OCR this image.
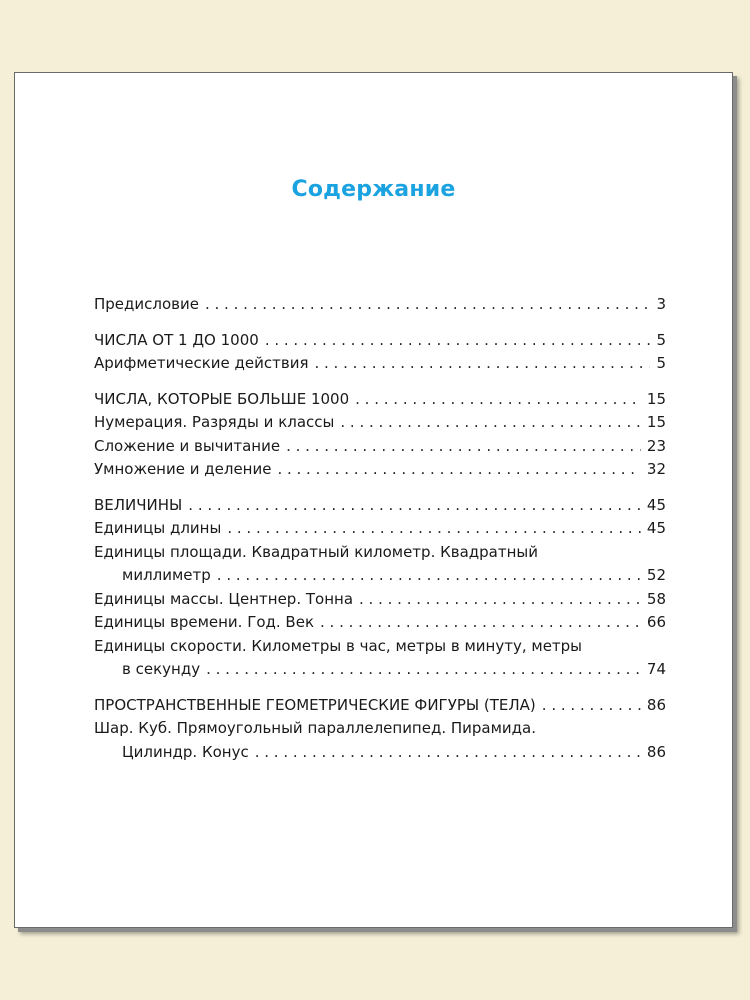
Содержание
Предисловие . . .	3
ЧИСЛА ОТ 1 ДО 1000 . . .	5
Арифметические действия . . .	5
ЧИСЛА, КОТОРЫЕ БОЛЬШЕ 1000 . . .	15
Нумерация. Разряды и классы . . .	15
Сложение и вычитание . . .	23
Умножение и деление . . .	32
ВЕЛИЧИНЫ . . .	45
Единицы длины . . .	45
Единицы площади. Квадратный километр. Квадратный
миллиметр . . .	52
Единицы массы. Центнер. Тонна . . .	58
Единицы времени. Год. Век . . .	66
Единицы скорости. Километры в час, метры в минуту, метры
в секунду . . .	74
ПРОСТРАНСТВЕННЫЕ ГЕОМЕТРИЧЕСКИЕ ФИГУРЫ (ТЕЛА) . . .	86
Шар. Куб. Прямоугольный параллелепипед. Пирамида.
Цилиндр. Конус . . .	86
